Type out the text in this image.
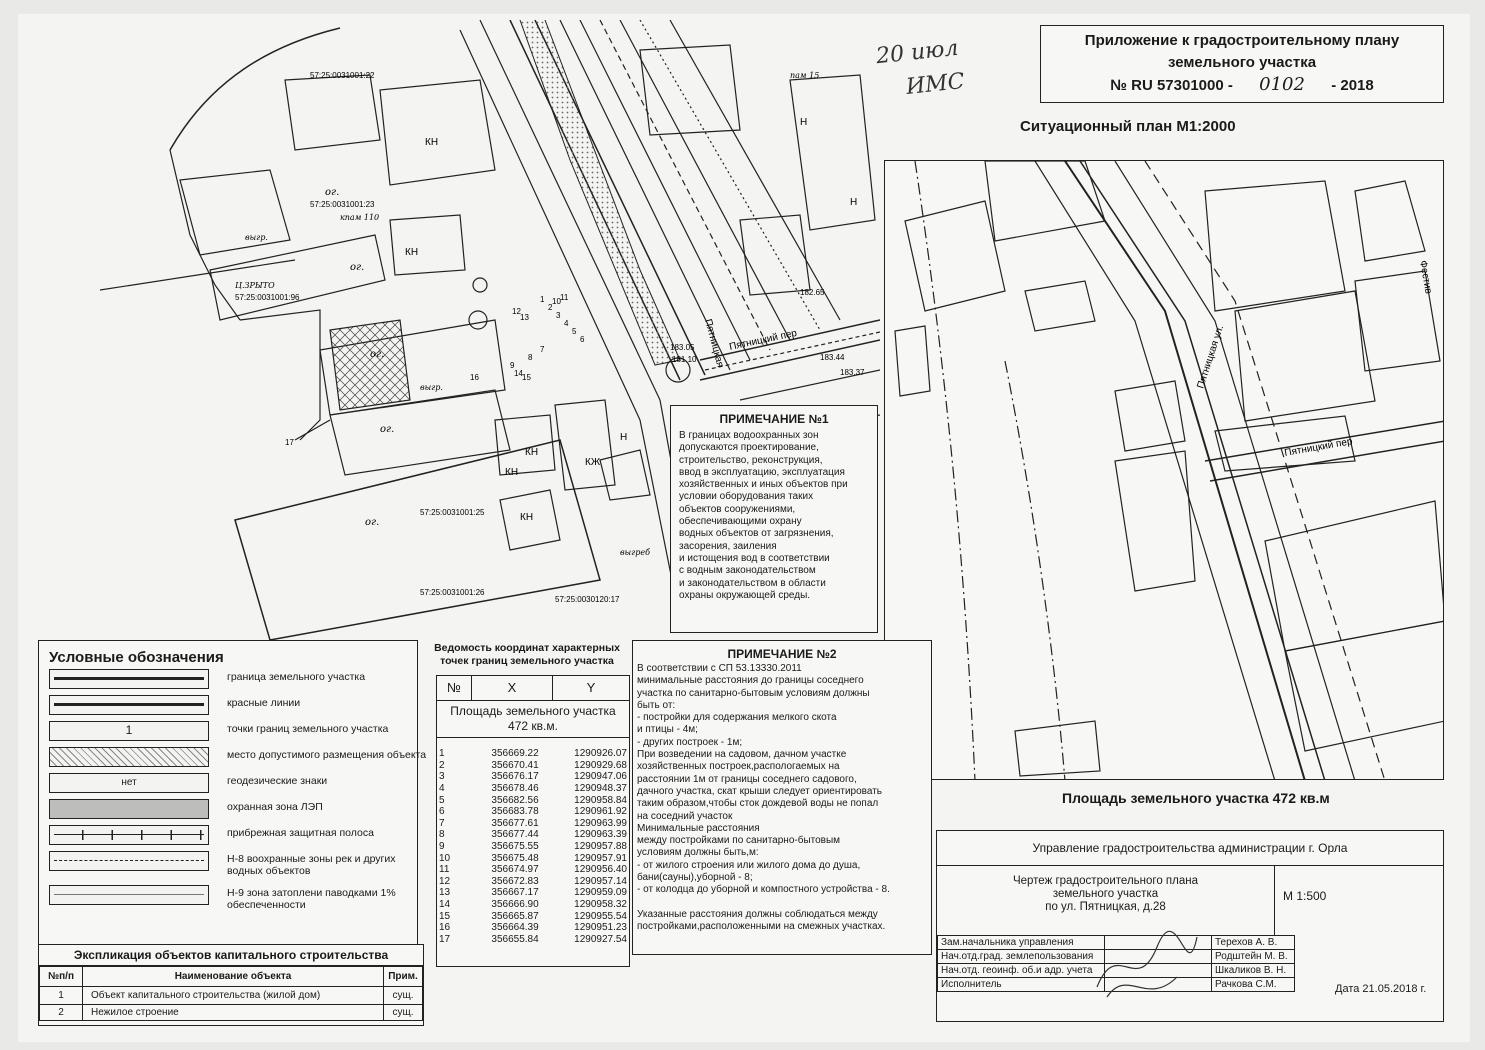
57:25:0031001:22
57:25:0031001:23
57:25:0031001:96
57:25:0031001:25
57:25:0031001:26
57:25:0030120:17
КН
КН
Н
Н
КН
КЖ
Н
КН
КН
ог.
ог.
ог.
ог.
ог.
Пятницкий пер
выгр.
выгр.
кпам 110
пам 15
Ц.ЗРЫТО
Пятницкая
183.05
181.10
183.37
183.44
182.65
выгреб
1
2
3
4
5
6
7
8
9
10 11
12
13
14 15
16
17
20 июл
ИМС
Приложение к градостроительному плану
земельного участка
№ RU 57301000 - 0102 - 2018
Ситуационный план М1:2000
Пятницкая ул.
Пятницкий пер
Фестив
Площадь земельного участка 472 кв.м
ПРИМЕЧАНИЕ №1
В границах водоохранных зон
допускаются проектирование,
строительство, реконструкция,
ввод в эксплуатацию, эксплуатация
хозяйственных и иных объектов при
условии оборудования таких
объектов сооружениями,
обеспечивающими охрану
водных объектов от загрязнения,
засорения, заиления
и истощения вод в соответствии
с водным законодательством
и законодательством в области
охраны окружающей среды.
Условные обозначения
граница земельного участка
красные линии
1	точки границ земельного участка
место допустимого размещения объекта
нет	геодезические знаки
охранная зона ЛЭП
прибрежная защитная полоса
Н-8 воохранные зоны рек и других водных объектов
Н-9 зона затоплени паводками 1% обеспеченности
Ведомость координат характерных точек границ земельного участка
№	X	Y
Площадь земельного участка
472 кв.м.
1	356669.22	1290926.07
2	356670.41	1290929.68
3	356676.17	1290947.06
4	356678.46	1290948.37
5	356682.56	1290958.84
6	356683.78	1290961.92
7	356677.61	1290963.99
8	356677.44	1290963.39
9	356675.55	1290957.88
10	356675.48	1290957.91
11	356674.97	1290956.40
12	356672.83	1290957.14
13	356667.17	1290959.09
14	356666.90	1290958.32
15	356665.87	1290955.54
16	356664.39	1290951.23
17	356655.84	1290927.54
ПРИМЕЧАНИЕ №2
В соответствии с СП 53.13330.2011
минимальные расстояния до границы соседнего
участка по санитарно-бытовым условиям должны
быть от:
- постройки для содержания мелкого скота
и птицы - 4м;
- других построек - 1м;
При возведении на садовом, дачном участке
хозяйственных построек,распологаемых на
расстоянии 1м от границы соседнего садового,
дачного участка, скат крыши следует ориентировать
таким образом,чтобы сток дождевой воды не попал
на соседний участок
Минимальные расстояния
между постройками по санитарно-бытовым
условиям должны быть,м:
- от жилого строения или жилого дома до душа,
бани(сауны),уборной - 8;
- от колодца до уборной и компостного устройства - 8.

Указанные расстояния должны соблюдаться между
постройками,расположенными на смежных участках.
Экспликация объектов капитального строительства
№п/п	Наименование объекта	Прим.
1	Объект капитального строительства (жилой дом)	сущ.
2	Нежилое строение	сущ.
Управление градостроительства администрации г. Орла
Чертеж градостроительного плана
земельного участка
по ул. Пятницкая, д.28
М 1:500
Зам.начальника управления		Терехов А. В.
Нач.отд.град. землепользования		Родштейн М. В.
Нач.отд. геоинф. об.и адр. учета		Шкаликов В. Н.
Исполнитель		Рачкова С.М.	Дата 21.05.2018 г.
